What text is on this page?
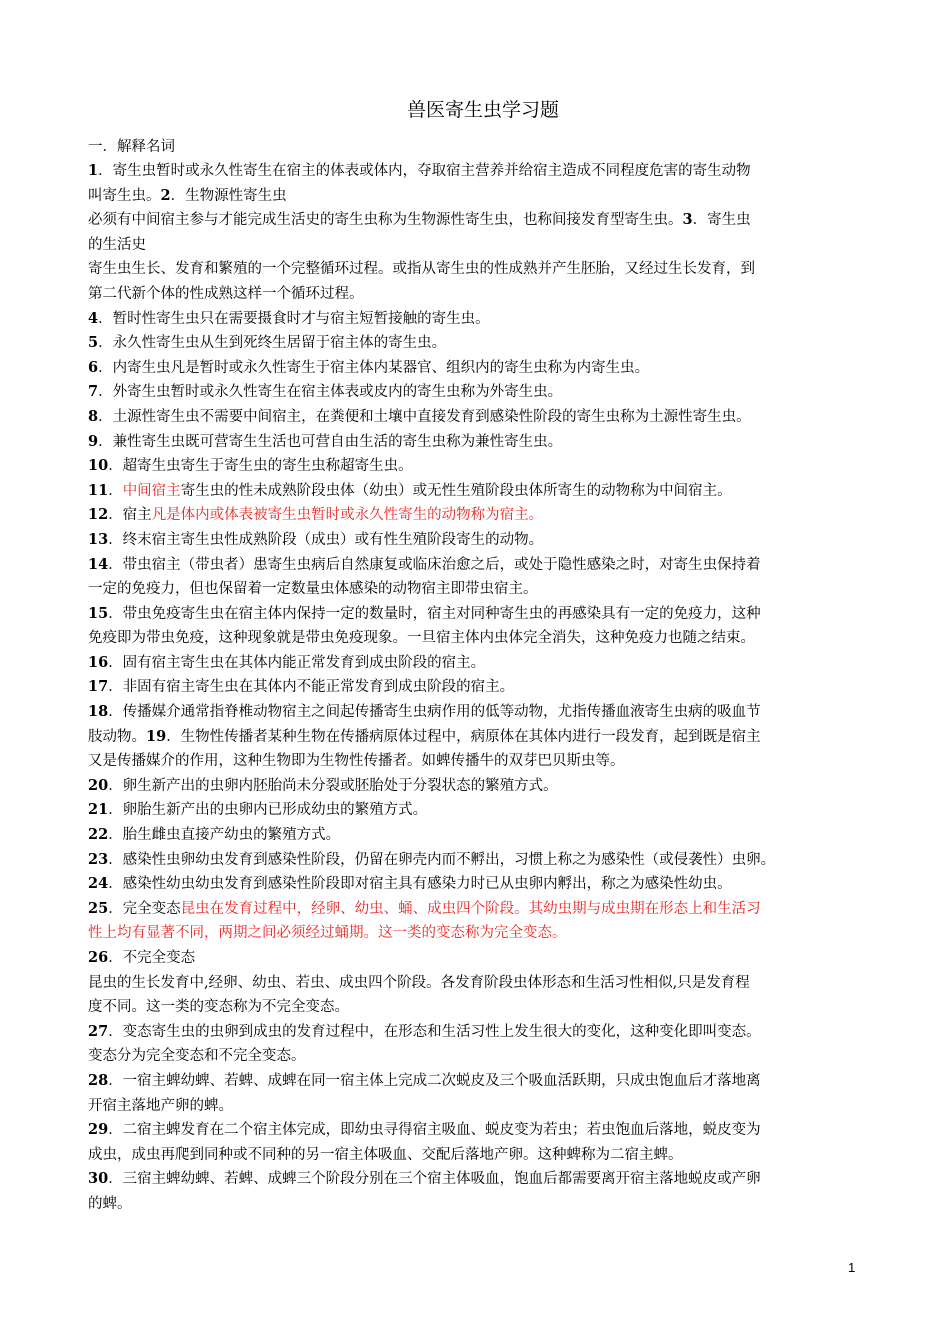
兽医寄生虫学习题

一．解释名词

1．寄生虫暂时或永久性寄生在宿主的体表或体内，夺取宿主营养并给宿主造成不同程度危害的寄生动物

叫寄生虫。2．生物源性寄生虫

必须有中间宿主参与才能完成生活史的寄生虫称为生物源性寄生虫，也称间接发育型寄生虫。3．寄生虫

的生活史

寄生虫生长、发育和繁殖的一个完整循环过程。或指从寄生虫的性成熟并产生胚胎，又经过生长发育，到

第二代新个体的性成熟这样一个循环过程。

4．暂时性寄生虫只在需要摄食时才与宿主短暂接触的寄生虫。

5．永久性寄生虫从生到死终生居留于宿主体的寄生虫。

6．内寄生虫凡是暂时或永久性寄生于宿主体内某器官、组织内的寄生虫称为内寄生虫。

7．外寄生虫暂时或永久性寄生在宿主体表或皮内的寄生虫称为外寄生虫。

8．土源性寄生虫不需要中间宿主，在粪便和土壤中直接发育到感染性阶段的寄生虫称为土源性寄生虫。

9．兼性寄生虫既可营寄生生活也可营自由生活的寄生虫称为兼性寄生虫。

10．超寄生虫寄生于寄生虫的寄生虫称超寄生虫。

11．中间宿主寄生虫的性未成熟阶段虫体（幼虫）或无性生殖阶段虫体所寄生的动物称为中间宿主。

12．宿主凡是体内或体表被寄生虫暂时或永久性寄生的动物称为宿主。

13．终末宿主寄生虫性成熟阶段（成虫）或有性生殖阶段寄生的动物。

14．带虫宿主（带虫者）患寄生虫病后自然康复或临床治愈之后，或处于隐性感染之时，对寄生虫保持着

一定的免疫力，但也保留着一定数量虫体感染的动物宿主即带虫宿主。

15．带虫免疫寄生虫在宿主体内保持一定的数量时，宿主对同种寄生虫的再感染具有一定的免疫力，这种

免疫即为带虫免疫，这种现象就是带虫免疫现象。一旦宿主体内虫体完全消失，这种免疫力也随之结束。

16．固有宿主寄生虫在其体内能正常发育到成虫阶段的宿主。

17．非固有宿主寄生虫在其体内不能正常发育到成虫阶段的宿主。

18．传播媒介通常指脊椎动物宿主之间起传播寄生虫病作用的低等动物，尤指传播血液寄生虫病的吸血节

肢动物。19．生物性传播者某种生物在传播病原体过程中，病原体在其体内进行一段发育，起到既是宿主

又是传播媒介的作用，这种生物即为生物性传播者。如蜱传播牛的双芽巴贝斯虫等。

20．卵生新产出的虫卵内胚胎尚未分裂或胚胎处于分裂状态的繁殖方式。

21．卵胎生新产出的虫卵内已形成幼虫的繁殖方式。

22．胎生雌虫直接产幼虫的繁殖方式。

23．感染性虫卵幼虫发育到感染性阶段，仍留在卵壳内而不孵出，习惯上称之为感染性（或侵袭性）虫卵。

24．感染性幼虫幼虫发育到感染性阶段即对宿主具有感染力时已从虫卵内孵出，称之为感染性幼虫。

25．完全变态昆虫在发育过程中，经卵、幼虫、蛹、成虫四个阶段。其幼虫期与成虫期在形态上和生活习

性上均有显著不同，两期之间必须经过蛹期。这一类的变态称为完全变态。

26．不完全变态

昆虫的生长发育中,经卵、幼虫、若虫、成虫四个阶段。各发育阶段虫体形态和生活习性相似,只是发育程

度不同。这一类的变态称为不完全变态。

27．变态寄生虫的虫卵到成虫的发育过程中，在形态和生活习性上发生很大的变化，这种变化即叫变态。

变态分为完全变态和不完全变态。

28．一宿主蜱幼蜱、若蜱、成蜱在同一宿主体上完成二次蜕皮及三个吸血活跃期，只成虫饱血后才落地离

开宿主落地产卵的蜱。

29．二宿主蜱发育在二个宿主体完成，即幼虫寻得宿主吸血、蜕皮变为若虫；若虫饱血后落地，蜕皮变为

成虫，成虫再爬到同种或不同种的另一宿主体吸血、交配后落地产卵。这种蜱称为二宿主蜱。

30．三宿主蜱幼蜱、若蜱、成蜱三个阶段分别在三个宿主体吸血，饱血后都需要离开宿主落地蜕皮或产卵

的蜱。

1
